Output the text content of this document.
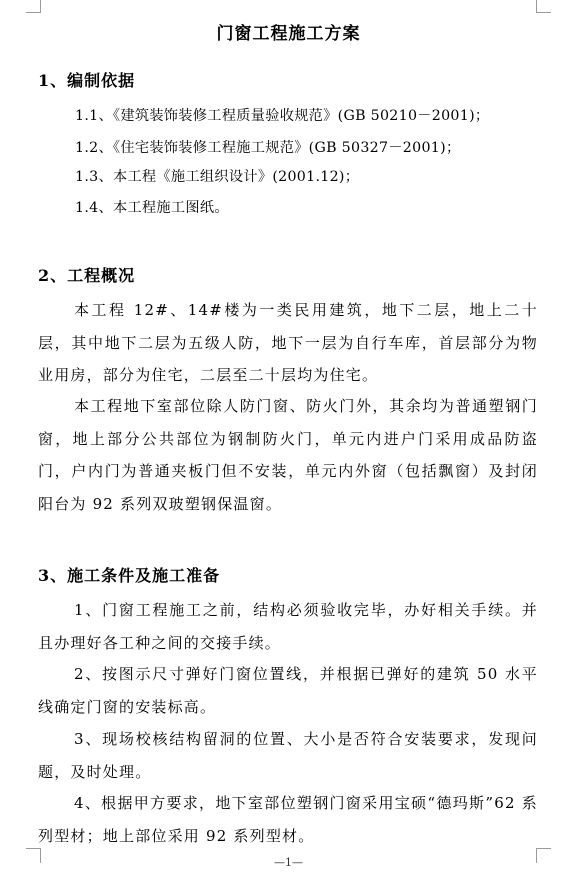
门窗工程施工方案
1、编制依据
1.1、《建筑装饰装修工程质量验收规范》(GB 50210－2001)；
1.2、《住宅装饰装修工程施工规范》(GB 50327－2001)；
1.3、本工程《施工组织设计》(2001.12)；
1.4、本工程施工图纸。
2、工程概况
本工程 12#、14#楼为一类民用建筑，地下二层，地上二十层，其中地下二层为五级人防，地下一层为自行车库，首层部分为物业用房，部分为住宅，二层至二十层均为住宅。
本工程地下室部位除人防门窗、防火门外，其余均为普通塑钢门窗，地上部分公共部位为钢制防火门，单元内进户门采用成品防盗门，户内门为普通夹板门但不安装，单元内外窗（包括飘窗）及封闭阳台为 92 系列双玻塑钢保温窗。
3、施工条件及施工准备
1、门窗工程施工之前，结构必须验收完毕，办好相关手续。并且办理好各工种之间的交接手续。
2、按图示尺寸弹好门窗位置线，并根据已弹好的建筑 50 水平线确定门窗的安装标高。
3、现场校核结构留洞的位置、大小是否符合安装要求，发现问题，及时处理。
4、根据甲方要求，地下室部位塑钢门窗采用宝硕“德玛斯”62 系列型材；地上部位采用 92 系列型材。
—1—
